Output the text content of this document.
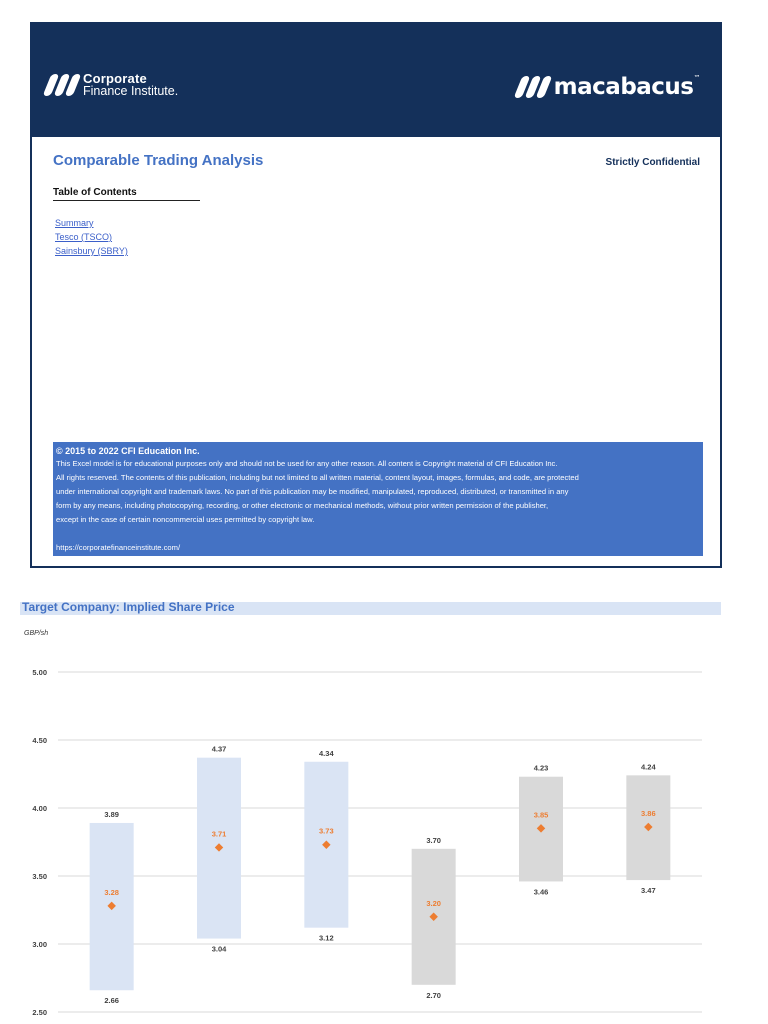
Corporate
Finance Institute.	macabacus™
Comparable Trading Analysis	Strictly Confidential
Table of Contents
Summary
Tesco (TSCO)
Sainsbury (SBRY)
© 2015 to 2022 CFI Education Inc.
This Excel model is for educational purposes only and should not be used for any other reason. All content is Copyright material of CFI Education Inc.
All rights reserved. The contents of this publication, including but not limited to all written material, content layout, images, formulas, and code, are protected
under international copyright and trademark laws. No part of this publication may be modified, manipulated, reproduced, distributed, or transmitted in any
form by any means, including photocopying, recording, or other electronic or mechanical methods, without prior written permission of the publisher,
except in the case of certain noncommercial uses permitted by copyright law.
https://corporatefinanceinstitute.com/
Target Company: Implied Share Price
GBP/sh
2.50
3.00
3.50
4.00
4.50
5.00
3.89
2.66
3.28
4.37
3.04
3.71
4.34
3.12
3.73
3.70
2.70
3.20
4.23
3.46
3.85
4.24
3.47
3.86
